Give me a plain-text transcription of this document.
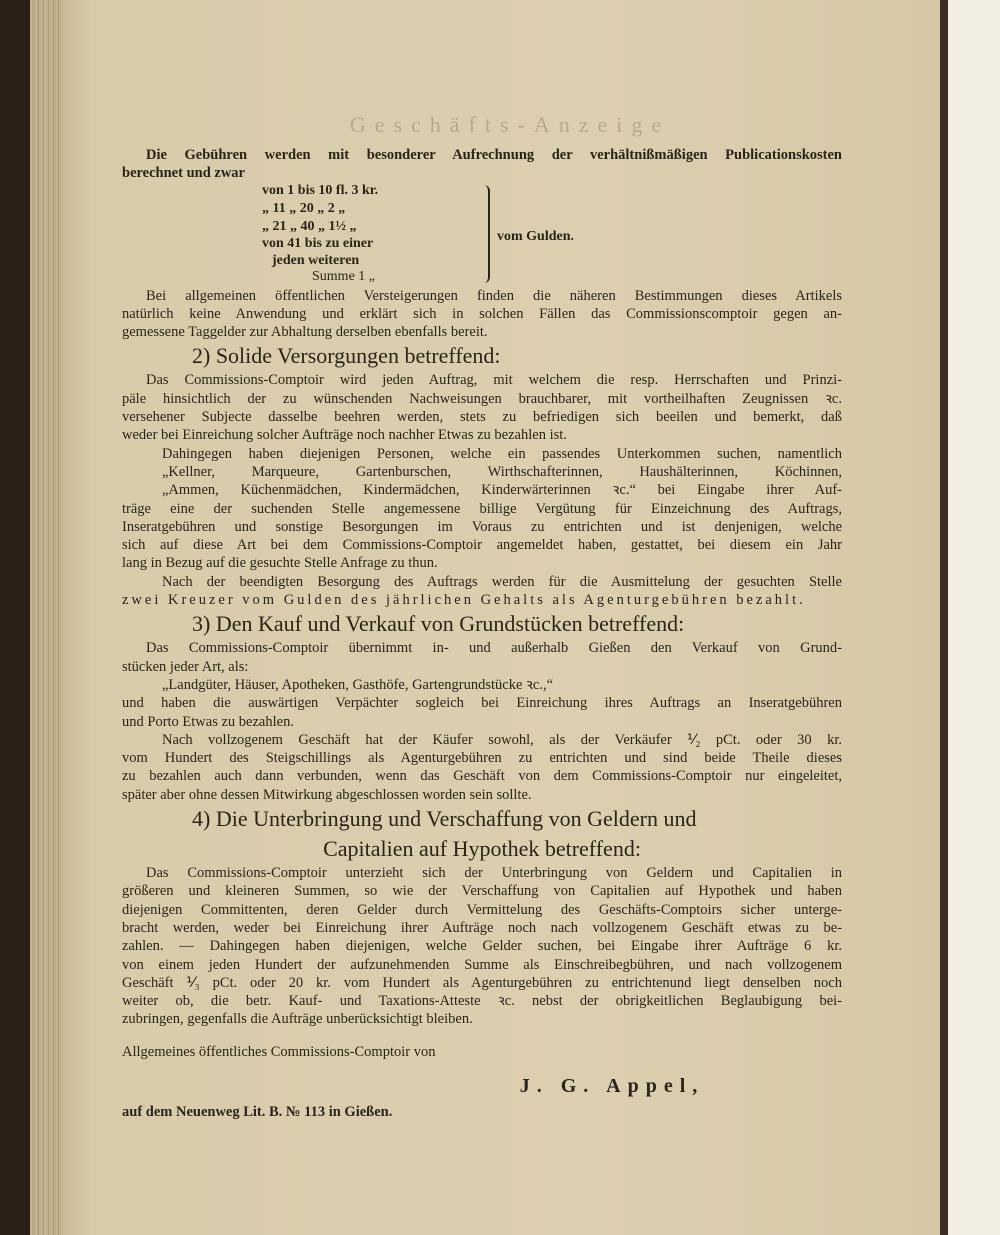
Geschäfts-Anzeige
Die Gebühren werden mit besonderer Aufrechnung der verhältnißmäßigen Publicationskosten
berechnet und zwar
von 1 bis 10 fl. 3 kr.
„ 11 „ 20 „ 2 „
„ 21 „ 40 „ 1½ „
von 41 bis zu einer
jeden weiteren
Summe 1 „
vom Gulden.
Bei allgemeinen öffentlichen Versteigerungen finden die näheren Bestimmungen dieses Artikels
natürlich keine Anwendung und erklärt sich in solchen Fällen das Commissionscomptoir gegen an-
gemessene Taggelder zur Abhaltung derselben ebenfalls bereit.
2) Solide Versorgungen betreffend:
Das Commissions-Comptoir wird jeden Auftrag, mit welchem die resp. Herrschaften und Prinzi-
päle hinsichtlich der zu wünschenden Nachweisungen brauchbarer, mit vortheilhaften Zeugnissen ꝛc.
versehener Subjecte dasselbe beehren werden, stets zu befriedigen sich beeilen und bemerkt, daß
weder bei Einreichung solcher Aufträge noch nachher Etwas zu bezahlen ist.
Dahingegen haben diejenigen Personen, welche ein passendes Unterkommen suchen, namentlich
„Kellner, Marqueure, Gartenburschen, Wirthschafterinnen, Haushälterinnen, Köchinnen,
„Ammen, Küchenmädchen, Kindermädchen, Kinderwärterinnen ꝛc.“ bei Eingabe ihrer Auf-
träge eine der suchenden Stelle angemessene billige Vergütung für Einzeichnung des Auftrags,
Inseratgebühren und sonstige Besorgungen im Voraus zu entrichten und ist denjenigen, welche
sich auf diese Art bei dem Commissions-Comptoir angemeldet haben, gestattet, bei diesem ein Jahr
lang in Bezug auf die gesuchte Stelle Anfrage zu thun.
Nach der beendigten Besorgung des Auftrags werden für die Ausmittelung der gesuchten Stelle
zwei Kreuzer vom Gulden des jährlichen Gehalts als Agenturgebühren bezahlt.
3) Den Kauf und Verkauf von Grundstücken betreffend:
Das Commissions-Comptoir übernimmt in- und außerhalb Gießen den Verkauf von Grund-
stücken jeder Art, als:
„Landgüter, Häuser, Apotheken, Gasthöfe, Gartengrundstücke ꝛc.,“
und haben die auswärtigen Verpächter sogleich bei Einreichung ihres Auftrags an Inseratgebühren
und Porto Etwas zu bezahlen.
Nach vollzogenem Geschäft hat der Käufer sowohl, als der Verkäufer ⅟₂ pCt. oder 30 kr.
vom Hundert des Steigschillings als Agenturgebühren zu entrichten und sind beide Theile dieses
zu bezahlen auch dann verbunden, wenn das Geschäft von dem Commissions-Comptoir nur eingeleitet,
später aber ohne dessen Mitwirkung abgeschlossen worden sein sollte.
4) Die Unterbringung und Verschaffung von Geldern und
Capitalien auf Hypothek betreffend:
Das Commissions-Comptoir unterzieht sich der Unterbringung von Geldern und Capitalien in
größeren und kleineren Summen, so wie der Verschaffung von Capitalien auf Hypothek und haben
diejenigen Committenten, deren Gelder durch Vermittelung des Geschäfts-Comptoirs sicher unterge-
bracht werden, weder bei Einreichung ihrer Aufträge noch nach vollzogenem Geschäft etwas zu be-
zahlen. — Dahingegen haben diejenigen, welche Gelder suchen, bei Eingabe ihrer Aufträge 6 kr.
von einem jeden Hundert der aufzunehmenden Summe als Einschreibegbühren, und nach vollzogenem
Geschäft ⅟₃ pCt. oder 20 kr. vom Hundert als Agenturgebühren zu entrichtenund liegt denselben noch
weiter ob, die betr. Kauf- und Taxations-Atteste ꝛc. nebst der obrigkeitlichen Beglaubigung bei-
zubringen, gegenfalls die Aufträge unberücksichtigt bleiben.
Allgemeines öffentliches Commissions-Comptoir von
J. G. Appel,
auf dem Neuenweg Lit. B. № 113 in Gießen.
